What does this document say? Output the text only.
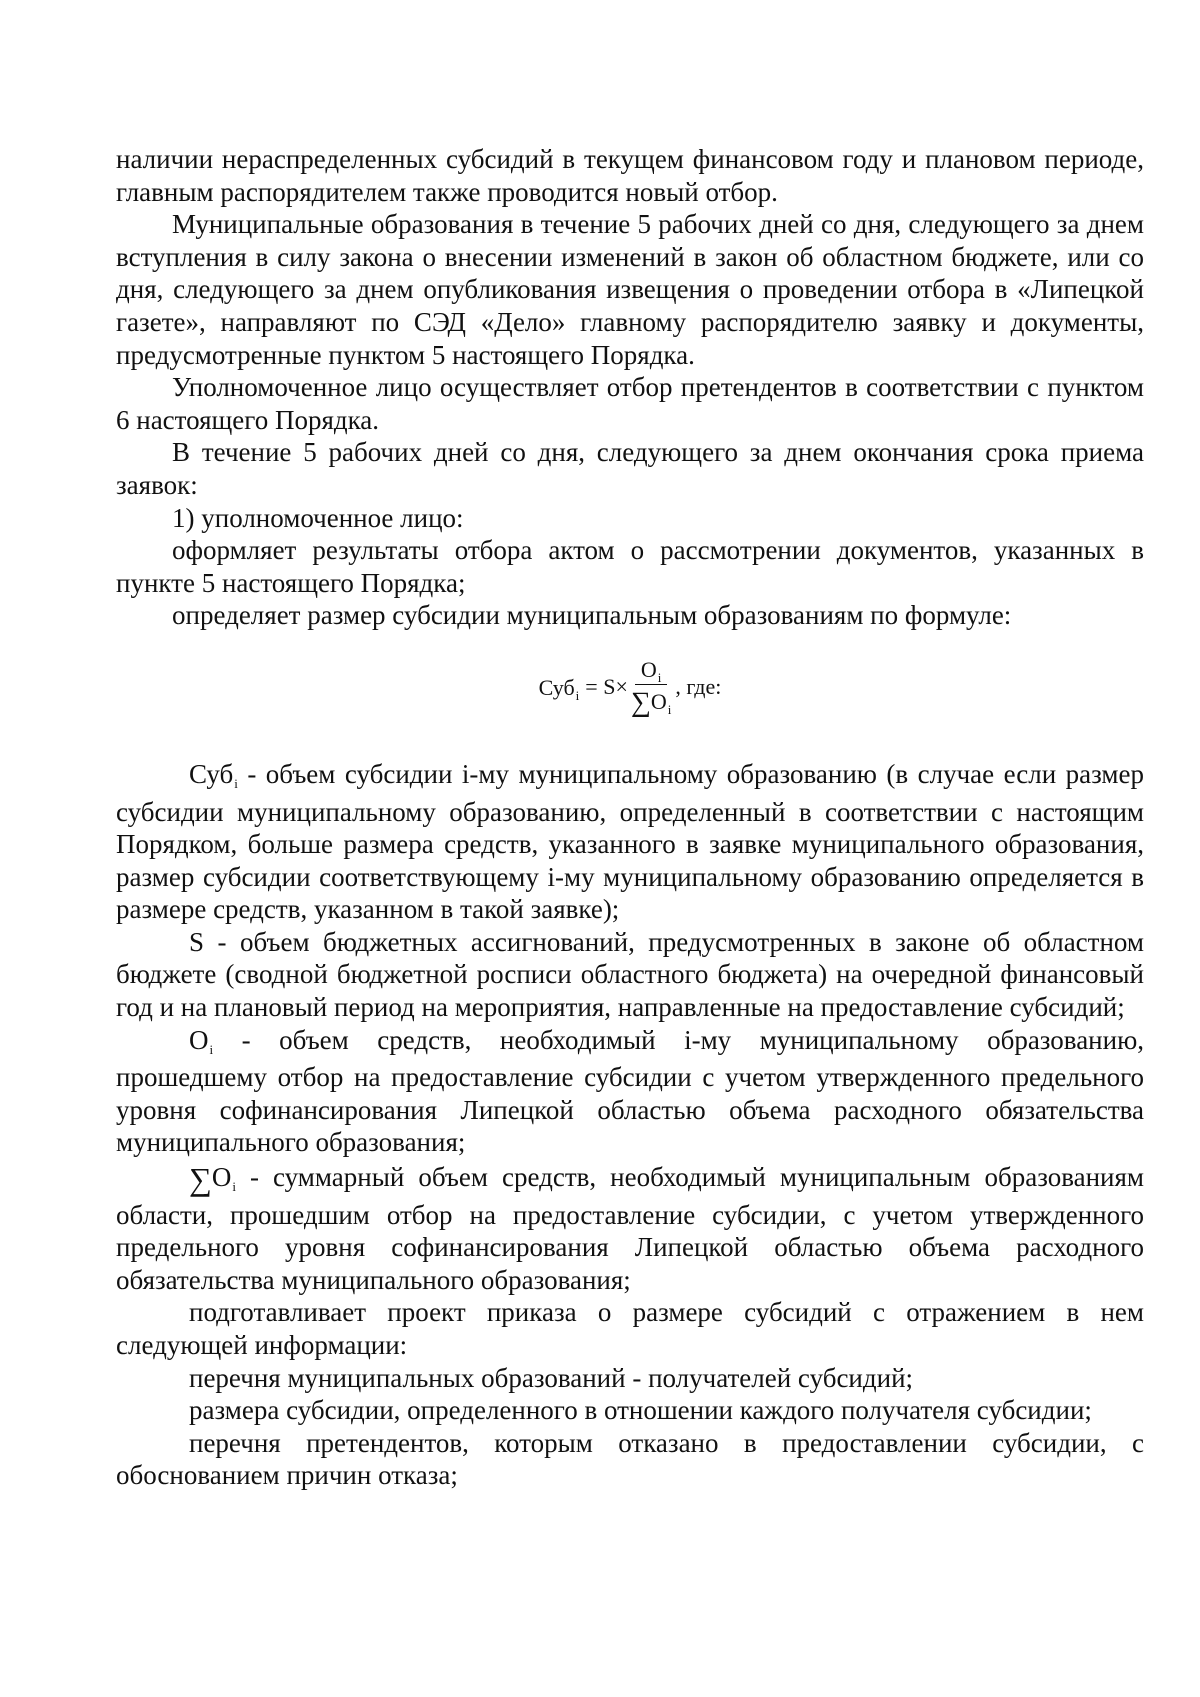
наличии нераспределенных субсидий в текущем финансовом году и плановом периоде, главным распорядителем также проводится новый отбор.

Муниципальные образования в течение 5 рабочих дней со дня, следующего за днем вступления в силу закона о внесении изменений в закон об областном бюджете, или со дня, следующего за днем опубликования извещения о проведении отбора в «Липецкой газете», направляют по СЭД «Дело» главному распорядителю заявку и документы, предусмотренные пунктом 5 настоящего Порядка.

Уполномоченное лицо осуществляет отбор претендентов в соответствии с пунктом 6 настоящего Порядка.

В течение 5 рабочих дней со дня, следующего за днем окончания срока приема заявок:

1) уполномоченное лицо:

оформляет результаты отбора актом о рассмотрении документов, указанных в пункте 5 настоящего Порядка;

определяет размер субсидии муниципальным образованиям по формуле:

$Суб_i = S\times \frac{O_i}{\sum O_i}$ , где:

Субi - объем субсидии i-му муниципальному образованию (в случае если размер субсидии муниципальному образованию, определенный в соответствии с настоящим Порядком, больше размера средств, указанного в заявке муниципального образования, размер субсидии соответствующему i-му муниципальному образованию определяется в размере средств, указанном в такой заявке);

S - объем бюджетных ассигнований, предусмотренных в законе об областном бюджете (сводной бюджетной росписи областного бюджета) на очередной финансовый год и на плановый период на мероприятия, направленные на предоставление субсидий;

Oi - объем средств, необходимый i-му муниципальному образованию, прошедшему отбор на предоставление субсидии с учетом утвержденного предельного уровня софинансирования Липецкой областью объема расходного обязательства муниципального образования;

∑Oi - суммарный объем средств, необходимый муниципальным образованиям области, прошедшим отбор на предоставление субсидии, с учетом утвержденного предельного уровня софинансирования Липецкой областью объема расходного обязательства муниципального образования;

подготавливает проект приказа о размере субсидий с отражением в нем следующей информации:

перечня муниципальных образований - получателей субсидий;

размера субсидии, определенного в отношении каждого получателя субсидии;

перечня претендентов, которым отказано в предоставлении субсидии, с обоснованием причин отказа;
